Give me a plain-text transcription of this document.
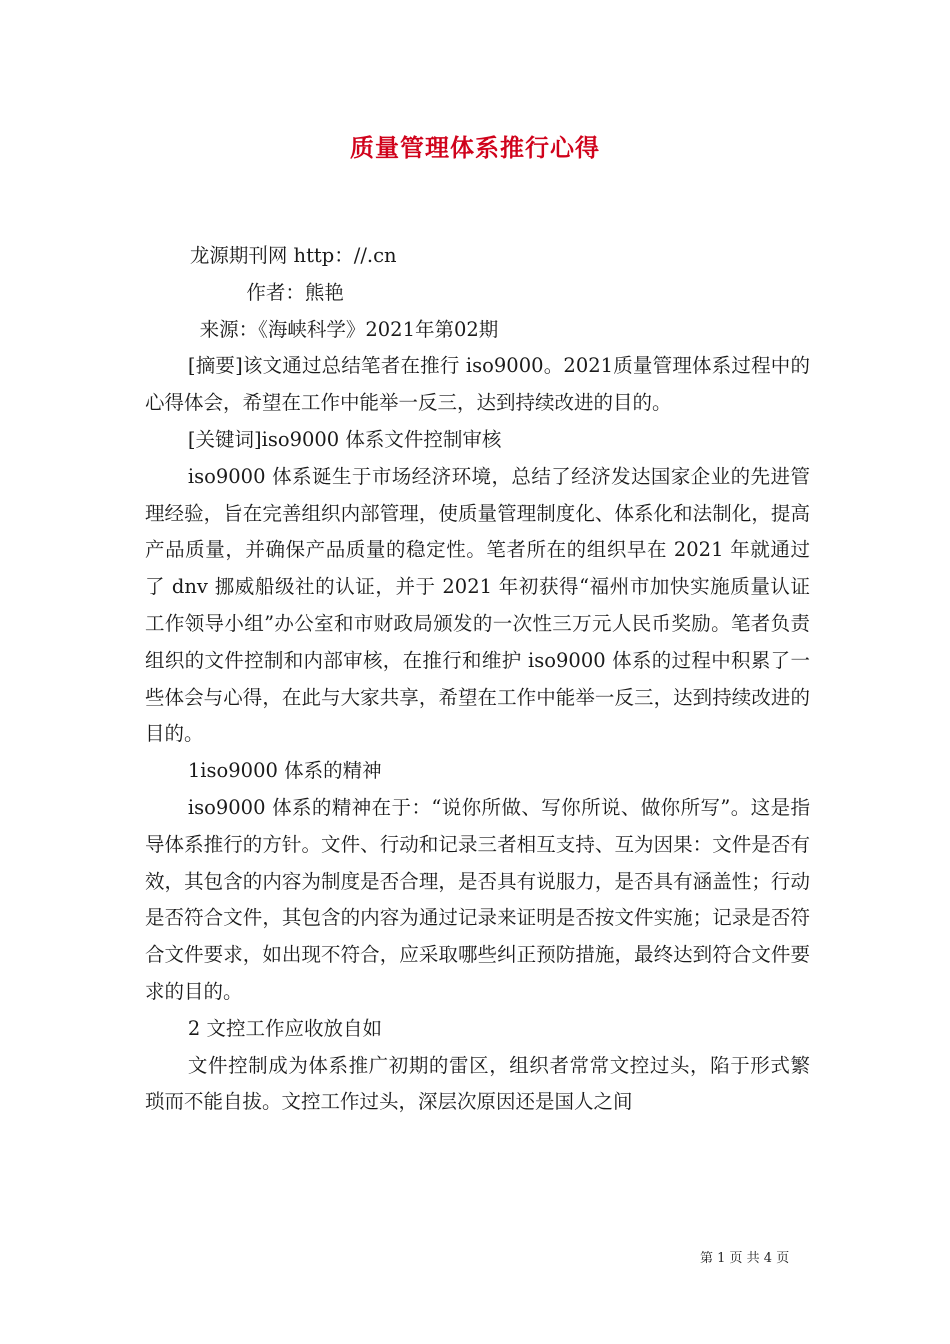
质量管理体系推行心得

龙源期刊网 http：//.cn

作者：熊艳

来源：《海峡科学》2021年第02期

[摘要]该文通过总结笔者在推行 iso9000。2021质量管理体系过程中的心得体会，希望在工作中能举一反三，达到持续改进的目的。

[关键词]iso9000 体系文件控制审核

iso9000 体系诞生于市场经济环境，总结了经济发达国家企业的先进管理经验，旨在完善组织内部管理，使质量管理制度化、体系化和法制化，提高产品质量，并确保产品质量的稳定性。笔者所在的组织早在 2021 年就通过了 dnv 挪威船级社的认证，并于 2021 年初获得“福州市加快实施质量认证工作领导小组”办公室和市财政局颁发的一次性三万元人民币奖励。笔者负责组织的文件控制和内部审核，在推行和维护 iso9000 体系的过程中积累了一些体会与心得，在此与大家共享，希望在工作中能举一反三，达到持续改进的目的。

1iso9000 体系的精神

iso9000 体系的精神在于：“说你所做、写你所说、做你所写”。这是指导体系推行的方针。文件、行动和记录三者相互支持、互为因果：文件是否有效，其包含的内容为制度是否合理，是否具有说服力，是否具有涵盖性；行动是否符合文件，其包含的内容为通过记录来证明是否按文件实施；记录是否符合文件要求，如出现不符合，应采取哪些纠正预防措施，最终达到符合文件要求的目的。

2 文控工作应收放自如

文件控制成为体系推广初期的雷区，组织者常常文控过头，陷于形式繁琐而不能自拔。文控工作过头，深层次原因还是国人之间

第 1 页 共 4 页
